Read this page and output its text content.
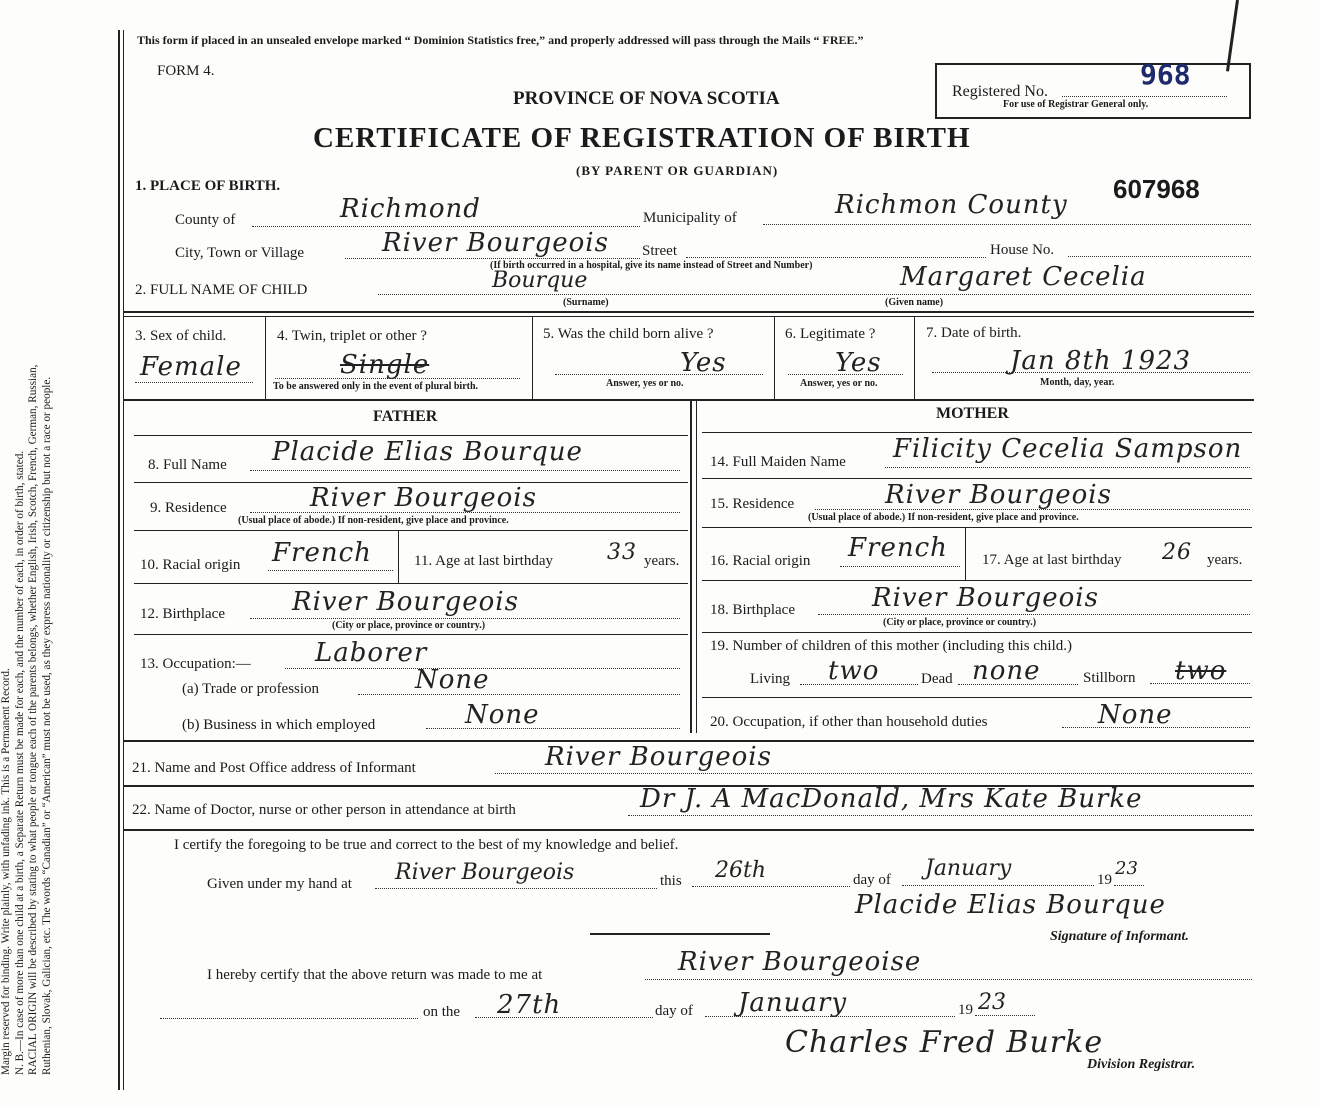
Margin reserved for binding. Write plainly, with unfading ink. This is a Permanent Record. N. B.—In case of more than one child at a birth, a Separate Return must be made for each, and the number of each, in order of birth, stated. RACIAL ORIGIN will be described by stating to what people or tongue each of the parents belongs, whether English, Irish, Scotch, French, German, Russian, Ruthenian, Slovak, Galician, etc. The words “Canadian” or “American” must not be used, as they express nationality or citizenship but not a race or people.
This form if placed in an unsealed envelope marked “ Dominion Statistics free,” and properly addressed will pass through the Mails “ FREE.”
FORM 4.
PROVINCE OF NOVA SCOTIA
CERTIFICATE OF REGISTRATION OF BIRTH
(BY PARENT OR GUARDIAN)
Registered No.
968
For use of Registrar General only.
607968
1. PLACE OF BIRTH.
County of	Richmond	Municipality of	Richmon County
City, Town or Village	River Bourgeois Street	House No.
(If birth occurred in a hospital, give its name instead of Street and Number)
2. FULL NAME OF CHILD	Bourque
(Surname)
Margaret Cecelia
(Given name)
3. Sex of child.
Female
4. Twin, triplet or other ?
Single
To be answered only in the event of plural birth.
5. Was the child born alive ?
Yes
Answer, yes or no.
6. Legitimate ?
Yes
Answer, yes or no.
7. Date of birth.
Jan 8th 1923
Month, day, year.
FATHER	MOTHER
8. Full Name Placide Elias Bourque
9. Residence	River Bourgeois
(Usual place of abode.) If non-resident, give place and province.
10. Racial origin French	11. Age at last birthday 33 years.
12. Birthplace	River Bourgeois
(City or place, province or country.)
13. Occupation:— Laborer
(a) Trade or profession	None
(b) Business in which employed	None
14. Full Maiden Name Filicity Cecelia Sampson
15. Residence	River Bourgeois
(Usual place of abode.) If non-resident, give place and province.
16. Racial origin French 17. Age at last birthday 26 years.
18. Birthplace	River Bourgeois
(City or place, province or country.)
19. Number of children of this mother (including this child.)
Living two	Dead none	Stillborn two
20. Occupation, if other than household duties	None
21. Name and Post Office address of Informant	River Bourgeois
22. Name of Doctor, nurse or other person in attendance at birth	Dr J. A MacDonald, Mrs Kate Burke
I certify the foregoing to be true and correct to the best of my knowledge and belief.
Given under my hand at River Bourgeois	this 26th	day of January	19
23
Placide Elias Bourque
Signature of Informant.
I hereby certify that the above return was made to me at	River Bourgeoise
on the 27th	day of January	19 23
Charles Fred Burke
Division Registrar.
